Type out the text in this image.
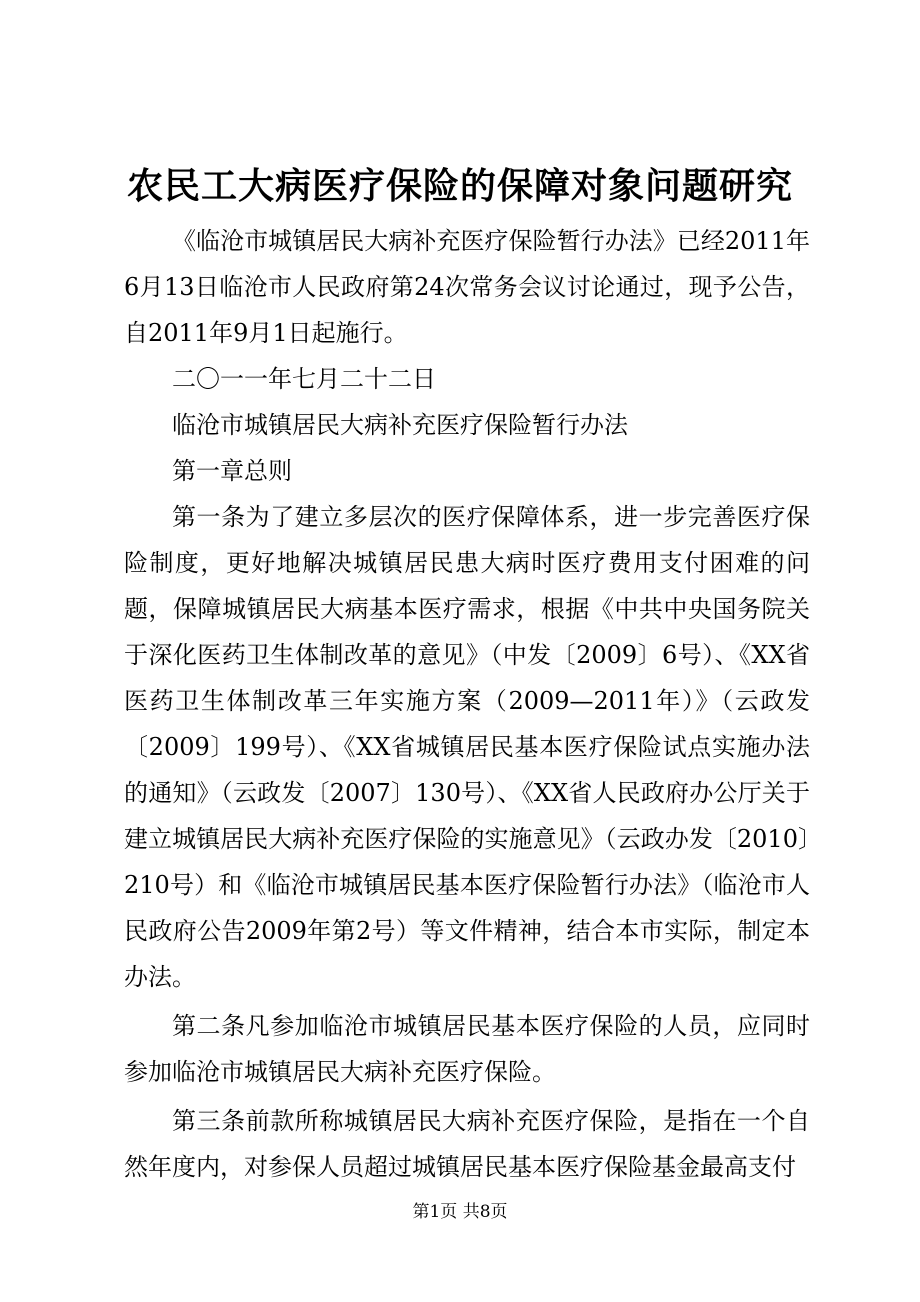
农民工大病医疗保险的保障对象问题研究

《临沧市城镇居民大病补充医疗保险暂行办法》已经2011年6月13日临沧市人民政府第24次常务会议讨论通过，现予公告，自2011年9月1日起施行。

二〇一一年七月二十二日

临沧市城镇居民大病补充医疗保险暂行办法

第一章总则

第一条为了建立多层次的医疗保障体系，进一步完善医疗保险制度，更好地解决城镇居民患大病时医疗费用支付困难的问题，保障城镇居民大病基本医疗需求，根据《中共中央国务院关于深化医药卫生体制改革的意见》（中发〔2009〕6号）、《XX省医药卫生体制改革三年实施方案（2009—2011年）》（云政发〔2009〕199号）、《XX省城镇居民基本医疗保险试点实施办法的通知》（云政发〔2007〕130号）、《XX省人民政府办公厅关于建立城镇居民大病补充医疗保险的实施意见》（云政办发〔2010〕210号）和《临沧市城镇居民基本医疗保险暂行办法》（临沧市人民政府公告2009年第2号）等文件精神，结合本市实际，制定本办法。

第二条凡参加临沧市城镇居民基本医疗保险的人员，应同时参加临沧市城镇居民大病补充医疗保险。

第三条前款所称城镇居民大病补充医疗保险，是指在一个自然年度内，对参保人员超过城镇居民基本医疗保险基金最高支付

第1页 共8页
